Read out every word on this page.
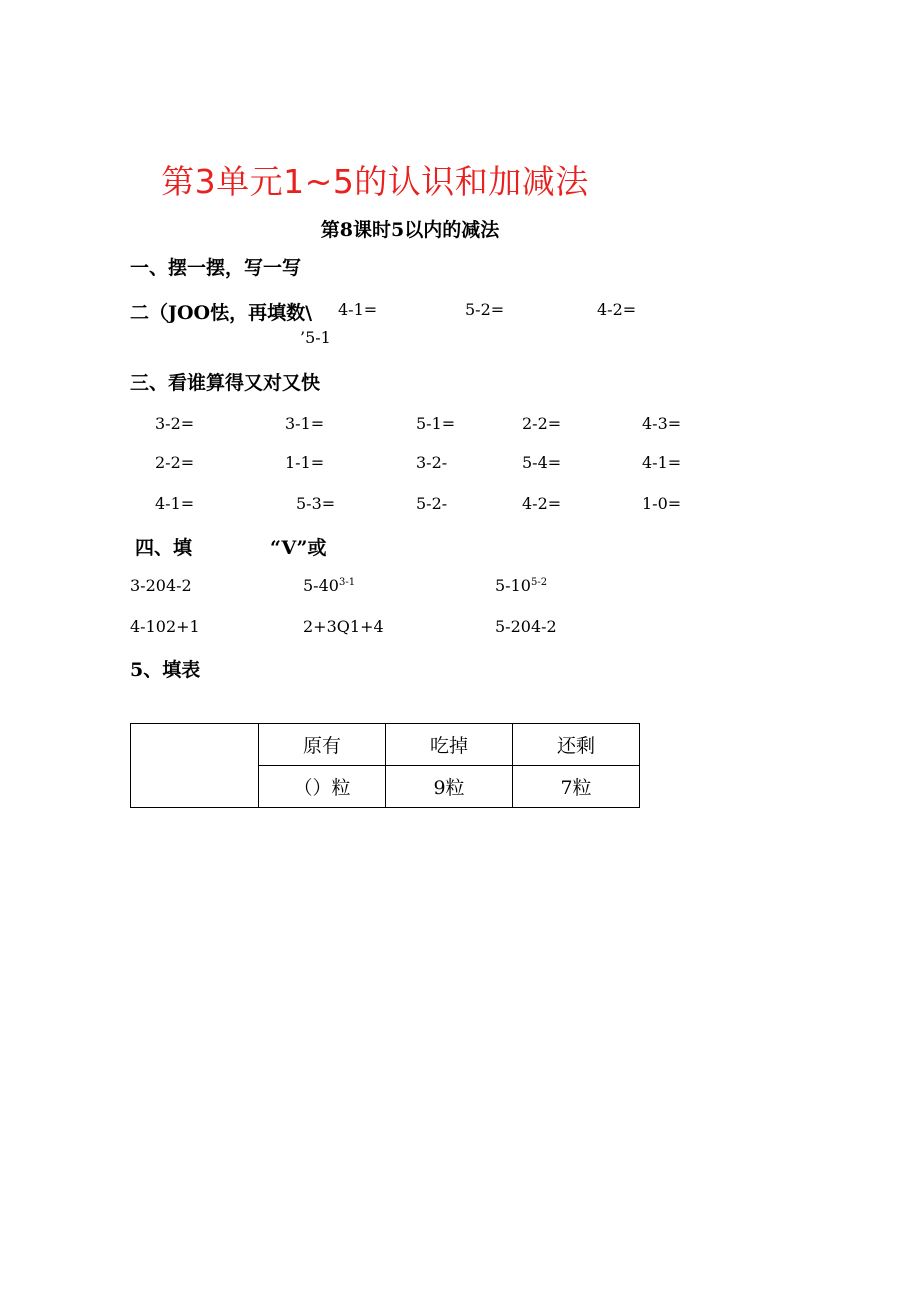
第3单元1~5的认识和加减法
第8课时5以内的减法
一、摆一摆，写一写
二（JOO怯，再填数\ 4-1=	5-2=	4-2=
’5-1
三、看谁算得又对又快
3-2=	3-1=	5-1=	2-2=	4-3=
2-2=	1-1=	3-2-	5-4=	4-1=
4-1=	5-3=	5-2-	4-2=	1-0=
四、填	“V”或
3-204-2	5-40$^{3-1}$	5-10$^{5-2}$
4-102+1	2+3Q1+4	5-204-2
5、填表
	原有	吃掉	还剩
	（）粒	9粒	7粒
